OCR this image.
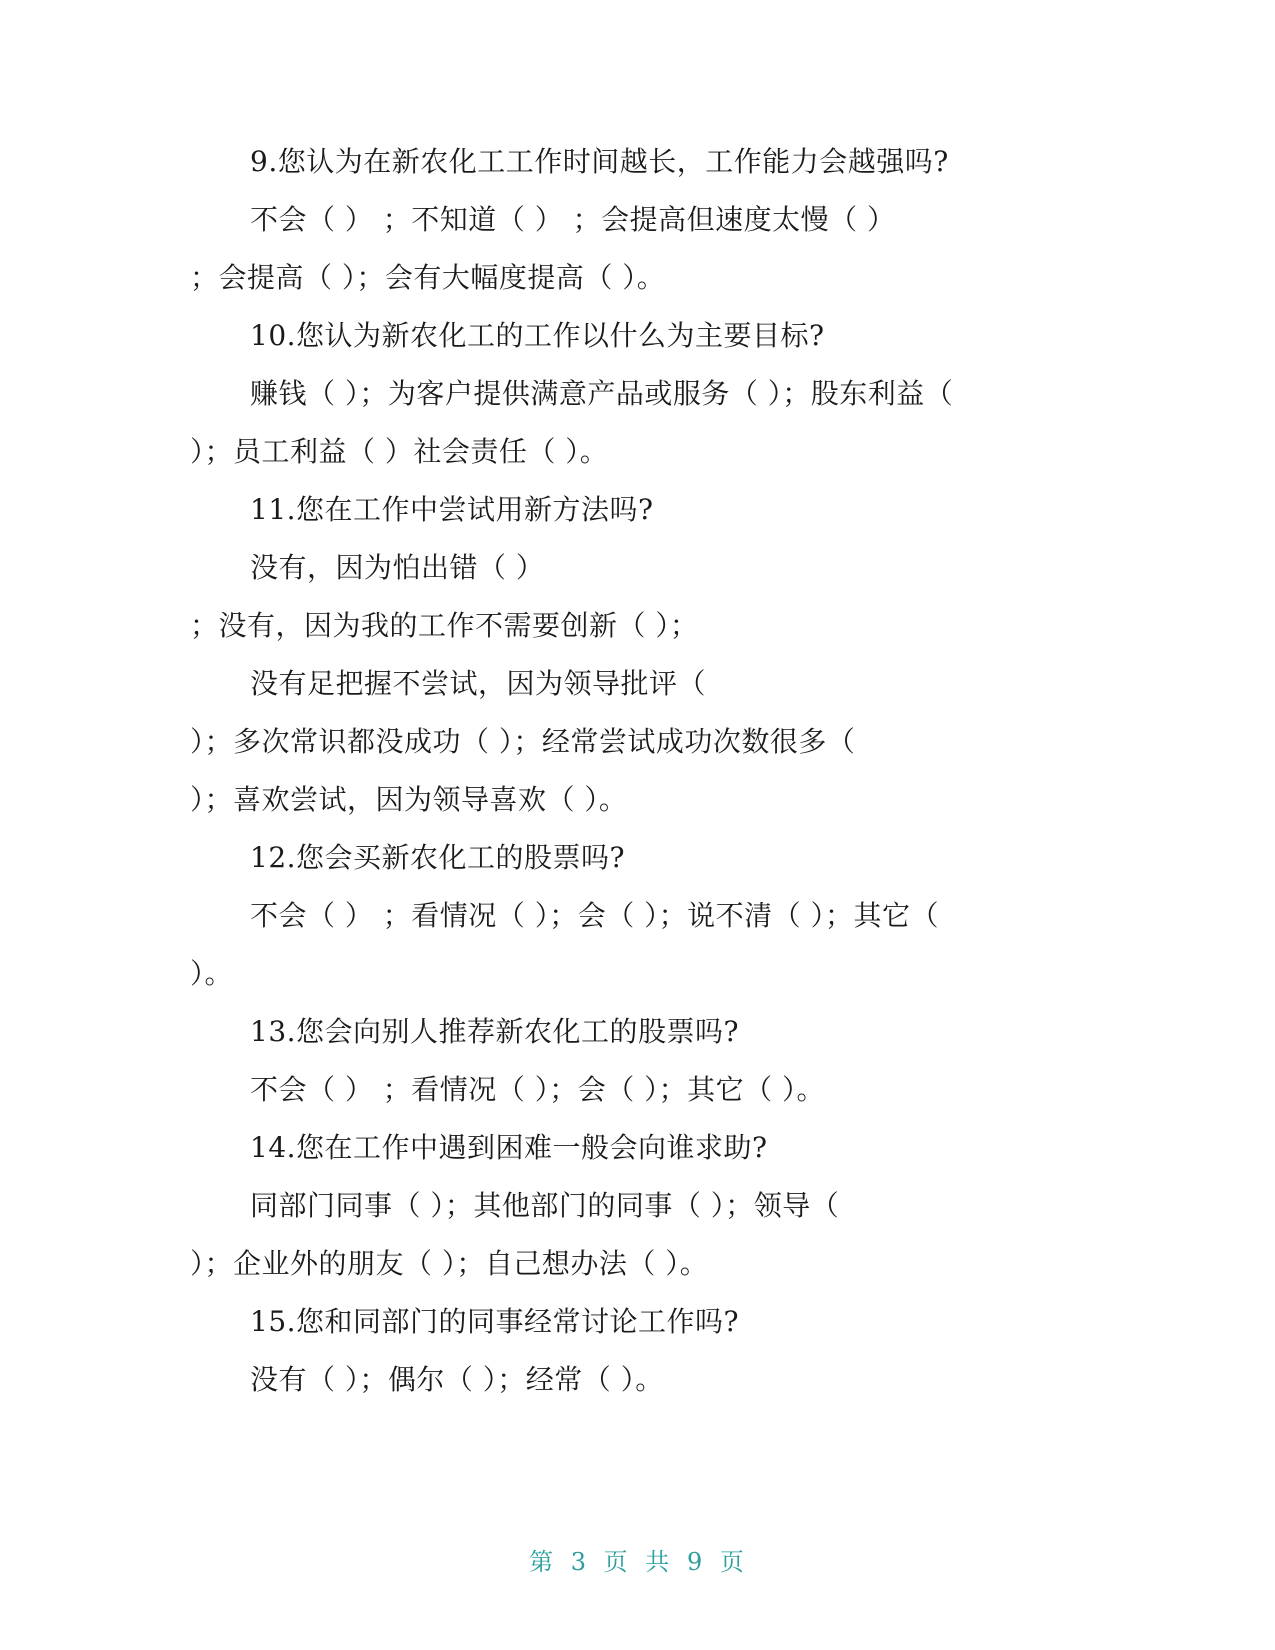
9.您认为在新农化工工作时间越长，工作能力会越强吗?
不会（ ） ；不知道（ ） ；会提高但速度太慢（ ）
；会提高（ ）；会有大幅度提高（ ）。
10.您认为新农化工的工作以什么为主要目标?
赚钱（ ）；为客户提供满意产品或服务（ ）；股东利益（
）；员工利益（ ）社会责任（ ）。
11.您在工作中尝试用新方法吗?
没有，因为怕出错（ ）
；没有，因为我的工作不需要创新（ ）；
没有足把握不尝试，因为领导批评（
）；多次常识都没成功（ ）；经常尝试成功次数很多（
）；喜欢尝试，因为领导喜欢（ ）。
12.您会买新农化工的股票吗?
不会（ ） ；看情况（ ）；会（ ）；说不清（ ）；其它（
）。
13.您会向别人推荐新农化工的股票吗?
不会（ ） ；看情况（ ）；会（ ）；其它（ ）。
14.您在工作中遇到困难一般会向谁求助?
同部门同事（ ）；其他部门的同事（ ）；领导（
）；企业外的朋友（ ）；自己想办法（ ）。
15.您和同部门的同事经常讨论工作吗?
没有（ ）；偶尔（ ）；经常（ ）。
第 3 页 共 9 页
